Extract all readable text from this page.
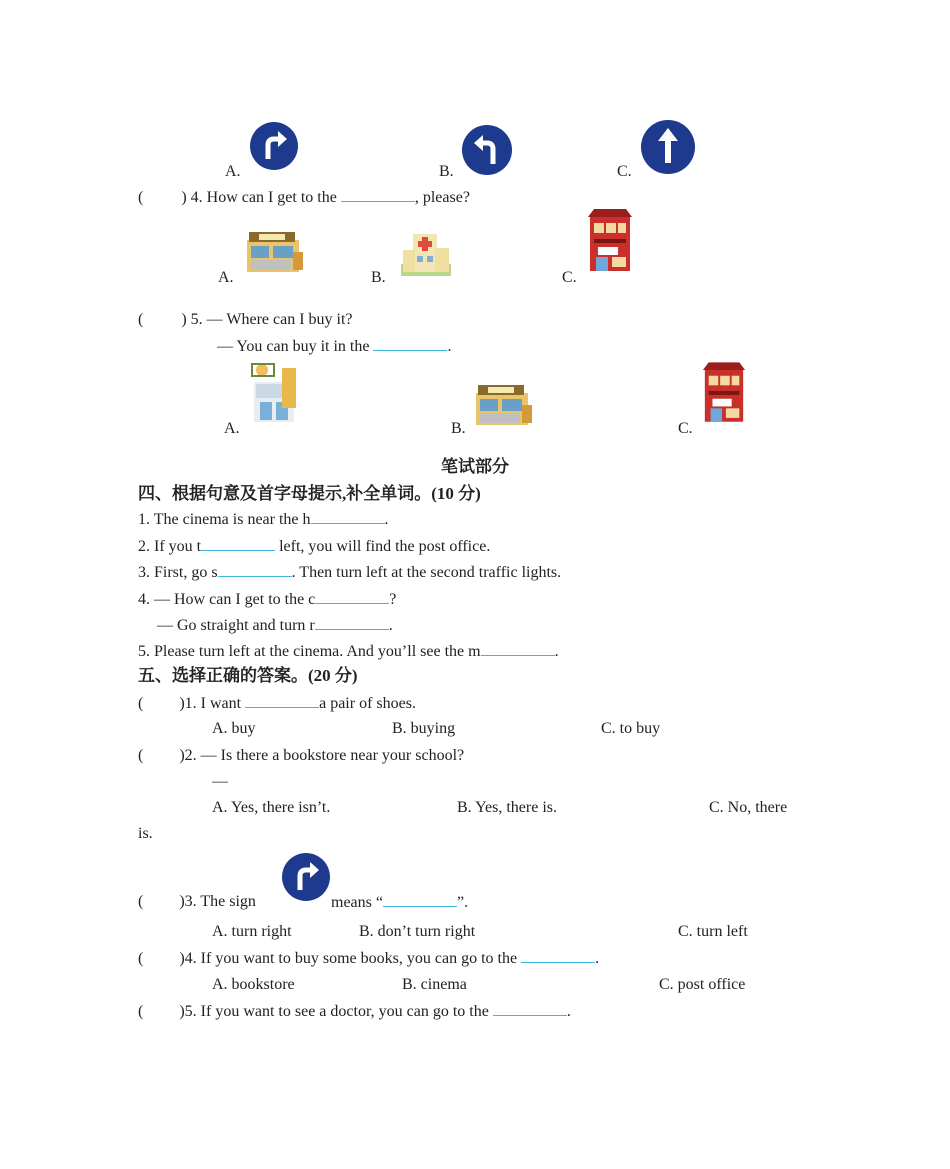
A.	B.	C.
( ) 4. How can I get to the	, please?
A.	B.	C.
( ) 5. — Where can I buy it?
— You can buy it in the	.
A.	B.	C.
笔试部分
四、根据句意及首字母提示,补全单词。(10 分)
1. The cinema is near the h	.
2. If you t	left, you will find the post office.
3. First, go s	. Then turn left at the second traffic lights.
4. — How can I get to the c	?
— Go straight and turn r	.
5. Please turn left at the cinema. And you’ll see the m	.
五、选择正确的答案。(20 分)
( )1. I want	a pair of shoes.
A. buy	B. buying	C. to buy
( )2. — Is there a bookstore near your school?
—
A. Yes, there isn’t.	B. Yes, there is.	C. No, there
is.
( )3. The sign	means “	”.
A. turn right	B. don’t turn right	C. turn left
( )4. If you want to buy some books, you can go to the	.
A. bookstore	B. cinema	C. post office
( )5. If you want to see a doctor, you can go to the	.
